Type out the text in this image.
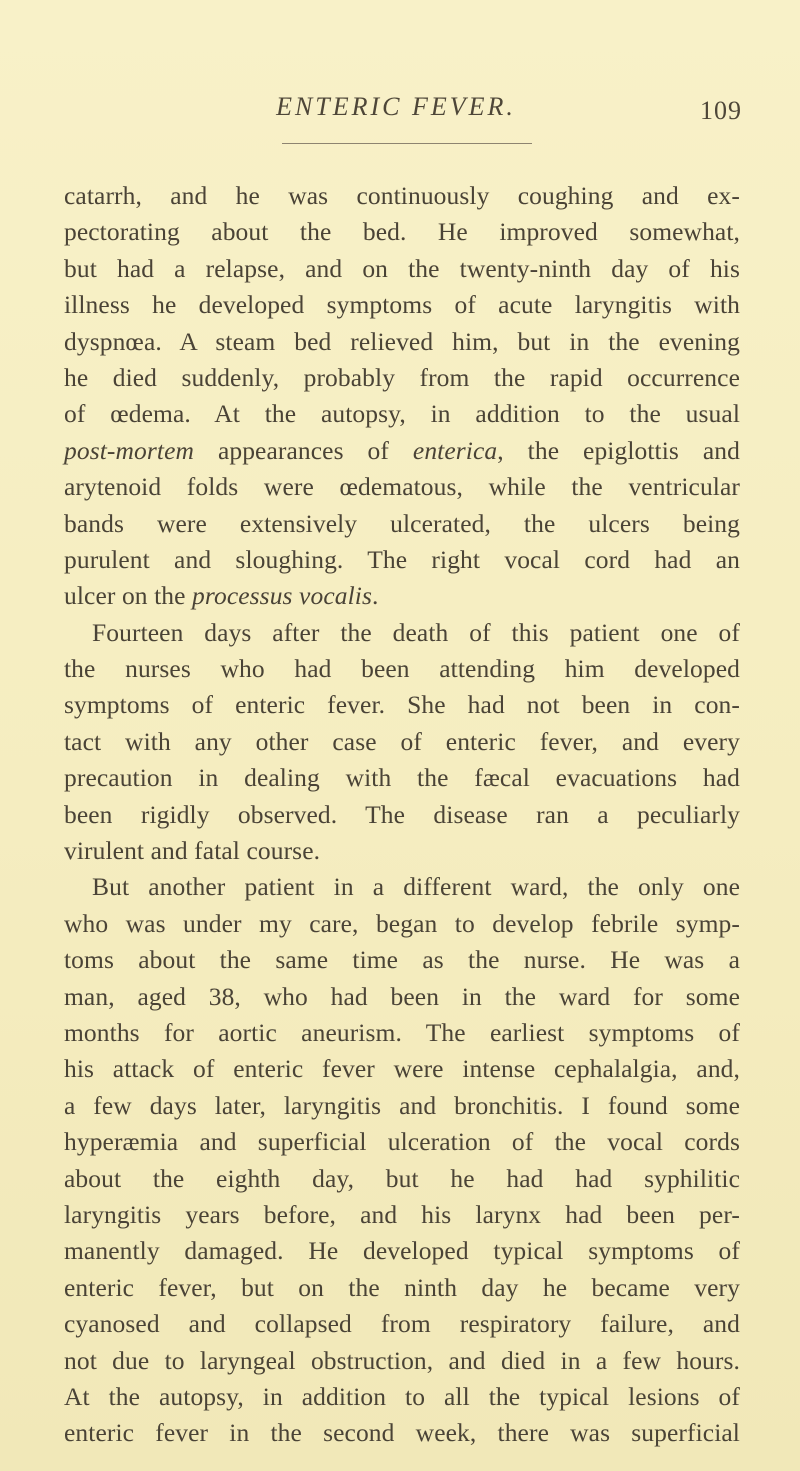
ENTERIC FEVER.	109
catarrh, and he was continuously coughing and ex-
pectorating about the bed. He improved somewhat,
but had a relapse, and on the twenty-ninth day of his
illness he developed symptoms of acute laryngitis with
dyspnœa. A steam bed relieved him, but in the evening
he died suddenly, probably from the rapid occurrence
of œdema. At the autopsy, in addition to the usual
post-mortem appearances of enterica, the epiglottis and
arytenoid folds were œdematous, while the ventricular
bands were extensively ulcerated, the ulcers being
purulent and sloughing. The right vocal cord had an
ulcer on the processus vocalis.
Fourteen days after the death of this patient one of
the nurses who had been attending him developed
symptoms of enteric fever. She had not been in con-
tact with any other case of enteric fever, and every
precaution in dealing with the fæcal evacuations had
been rigidly observed. The disease ran a peculiarly
virulent and fatal course.
But another patient in a different ward, the only one
who was under my care, began to develop febrile symp-
toms about the same time as the nurse. He was a
man, aged 38, who had been in the ward for some
months for aortic aneurism. The earliest symptoms of
his attack of enteric fever were intense cephalalgia, and,
a few days later, laryngitis and bronchitis. I found some
hyperæmia and superficial ulceration of the vocal cords
about the eighth day, but he had had syphilitic
laryngitis years before, and his larynx had been per-
manently damaged. He developed typical symptoms of
enteric fever, but on the ninth day he became very
cyanosed and collapsed from respiratory failure, and
not due to laryngeal obstruction, and died in a few hours.
At the autopsy, in addition to all the typical lesions of
enteric fever in the second week, there was superficial
